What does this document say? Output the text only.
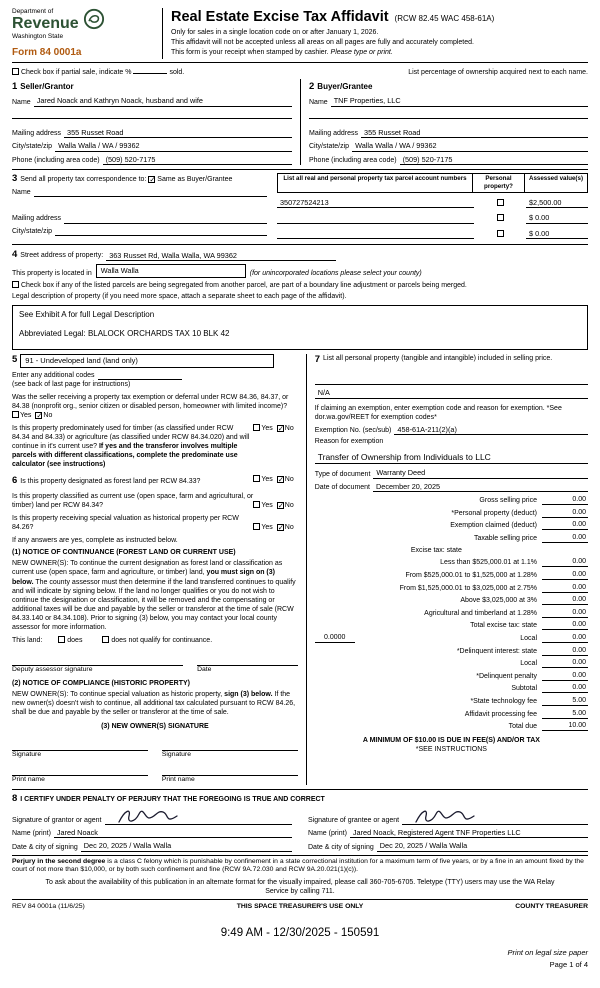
Department of
Revenue
Washington State
Form 84 0001a
Real Estate Excise Tax Affidavit (RCW 82.45 WAC 458-61A)
Only for sales in a single location code on or after January 1, 2026.
This affidavit will not be accepted unless all areas on all pages are fully and accurately completed.
This form is your receipt when stamped by cashier. Please type or print.
Check box if partial sale, indicate %	sold.	List percentage of ownership acquired next to each name.
1 Seller/Grantor
Name Jared Noack and Kathryn Noack, husband and wife
Mailing address 355 Russet Road
City/state/zip Walla Walla / WA / 99362
Phone (including area code) (509) 520-7175
2 Buyer/Grantee
Name TNF Properties, LLC
Mailing address 355 Russet Road
City/state/zip Walla Walla / WA / 99362
Phone (including area code) (509) 520-7175
3 Send all property tax correspondence to: ✓ Same as Buyer/Grantee
Name
Mailing address
City/state/zip
List all real and personal property tax parcel account numbers	Personal property?
Assessed value(s)
350727524213	$2,500.00
$ 0.00
$ 0.00
4 Street address of property: 363 Russet Rd, Walla Walla, WA 99362
This property is located in	Walla Walla	(for unincorporated locations please select your county)
Check box if any of the listed parcels are being segregated from another parcel, are part of a boundary line adjustment or parcels being merged.
Legal description of property (if you need more space, attach a separate sheet to each page of the affidavit).
See Exhibit A for full Legal Description
Abbreviated Legal: BLALOCK ORCHARDS TAX 10 BLK 42
5	91 - Undeveloped land (land only)
Enter any additional codes
(see back of last page for instructions)
Was the seller receiving a property tax exemption or deferral under RCW 84.36, 84.37, or 84.38 (nonprofit org., senior citizen or disabled person, homeowner with limited income)? Yes ✓No
Is this property predominately used for timber (as classified under RCW 84.34 and 84.33) or agriculture (as classified under RCW 84.34.020) and will continue in it's current use? If yes and the transferor involves multiple parcels with different classifications, complete the predominate use calculator (see instructions)
Yes ✓No
6 Is this property designated as forest land per RCW 84.33?	Yes ✓No
Is this property classified as current use (open space, farm and agricultural, or timber) land per RCW 84.34?	Yes ✓No
Is this property receiving special valuation as historical property per RCW 84.26?	Yes ✓No
If any answers are yes, complete as instructed below.
(1) NOTICE OF CONTINUANCE (FOREST LAND OR CURRENT USE)
NEW OWNER(S): To continue the current designation as forest land or classification as current use (open space, farm and agriculture, or timber) land, you must sign on (3) below. The county assessor must then determine if the land transferred continues to qualify and will indicate by signing below. If the land no longer qualifies or you do not wish to continue the designation or classification, it will be removed and the compensating or additional taxes will be due and payable by the seller or transferor at the time of sale (RCW 84.33.140 or 84.34.108). Prior to signing (3) below, you may contact your local county assessor for more information.
This land:	does	does not qualify for continuance.
Deputy assessor signature	Date
(2) NOTICE OF COMPLIANCE (HISTORIC PROPERTY)
NEW OWNER(S): To continue special valuation as historic property, sign (3) below. If the new owner(s) doesn't wish to continue, all additional tax calculated pursuant to RCW 84.26, shall be due and payable by the seller or transferor at the time of sale.
(3) NEW OWNER(S) SIGNATURE
Signature	Signature
Print name	Print name
7 List all personal property (tangible and intangible) included in selling price.
N/A
If claiming an exemption, enter exemption code and reason for exemption. *See dor.wa.gov/REET for exemption codes*
Exemption No. (sec/sub) 458-61A-211(2)(a)
Reason for exemption
Transfer of Ownership from Individuals to LLC
Type of document Warranty Deed
Date of document December 20, 2025
Gross selling price	0.00
*Personal property (deduct)	0.00
Exemption claimed (deduct)	0.00
Taxable selling price	0.00
Excise tax: state
Less than $525,000.01 at 1.1%	0.00
From $525,000.01 to $1,525,000 at 1.28%	0.00
From $1,525,000.01 to $3,025,000 at 2.75%	0.00
Above $3,025,000 at 3%	0.00
Agricultural and timberland at 1.28%	0.00
Total excise tax: state	0.00
0.0000	Local	0.00
*Delinquent interest: state	0.00
Local	0.00
*Delinquent penalty	0.00
Subtotal	0.00
*State technology fee	5.00
Affidavit processing fee	5.00
Total due	10.00
A MINIMUM OF $10.00 IS DUE IN FEE(S) AND/OR TAX
*SEE INSTRUCTIONS
8 I CERTIFY UNDER PENALTY OF PERJURY THAT THE FOREGOING IS TRUE AND CORRECT
Signature of grantor or agent
Name (print) Jared Noack
Date & city of signing Dec 20, 2025 / Walla Walla
Signature of grantee or agent
Name (print) Jared Noack, Registered Agent TNF Properties LLC
Date & city of signing Dec 20, 2025 / Walla Walla
Perjury in the second degree is a class C felony which is punishable by confinement in a state correctional institution for a maximum term of five years, or by a fine in an amount fixed by the court of not more than $10,000, or by both such confinement and fine (RCW 9A.72.030 and RCW 9A.20.021(1)(c)).
To ask about the availability of this publication in an alternate format for the visually impaired, please call 360-705-6705. Teletype (TTY) users may use the WA Relay Service by calling 711.
REV 84 0001a (11/6/25)	THIS SPACE TREASURER'S USE ONLY	COUNTY TREASURER
9:49 AM - 12/30/2025 - 150591
Print on legal size paper
Page 1 of 4
